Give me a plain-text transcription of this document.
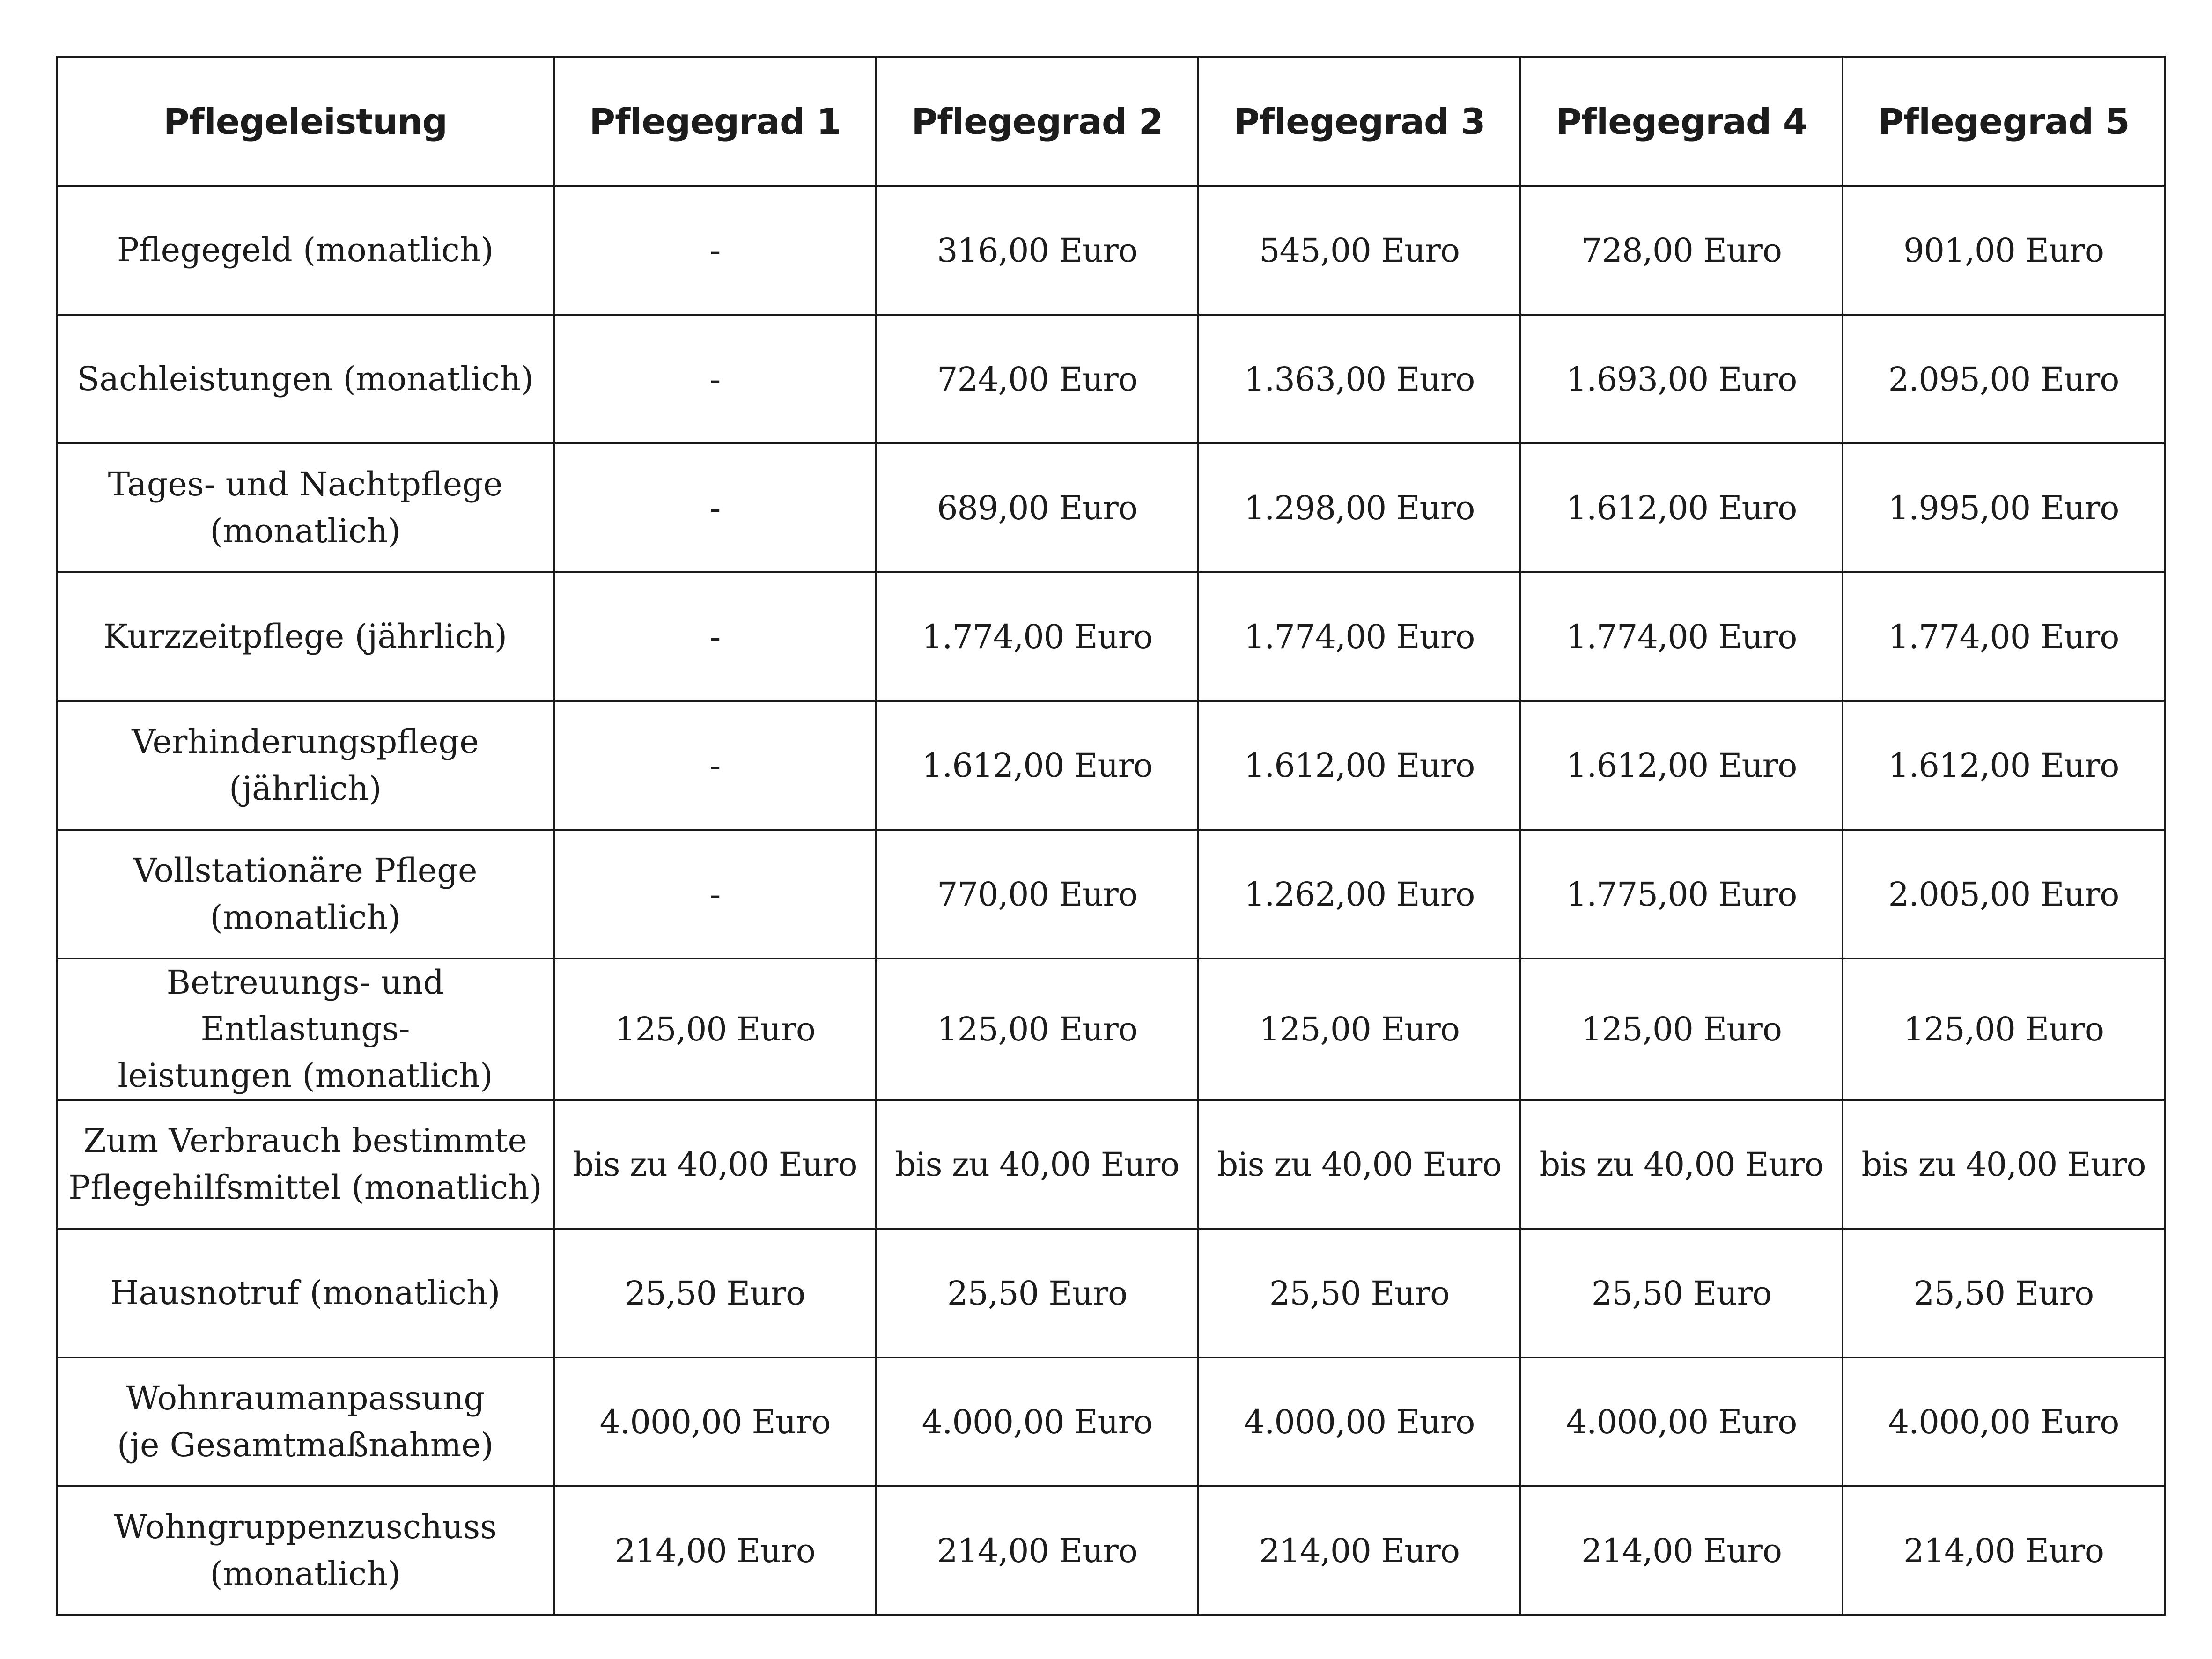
Pflegeleistung	Pflegegrad 1	Pflegegrad 2	Pflegegrad 3	Pflegegrad 4	Pflegegrad 5
Pflegegeld (monatlich)	-	316,00 Euro	545,00 Euro	728,00 Euro	901,00 Euro
Sachleistungen (monatlich)	-	724,00 Euro	1.363,00 Euro	1.693,00 Euro	2.095,00 Euro
Tages- und Nachtpflege
(monatlich)	-	689,00 Euro	1.298,00 Euro	1.612,00 Euro	1.995,00 Euro
Kurzzeitpflege (jährlich)	-	1.774,00 Euro	1.774,00 Euro	1.774,00 Euro	1.774,00 Euro
Verhinderungspflege
(jährlich)	-	1.612,00 Euro	1.612,00 Euro	1.612,00 Euro	1.612,00 Euro
Vollstationäre Pflege
(monatlich)	-	770,00 Euro	1.262,00 Euro	1.775,00 Euro	2.005,00 Euro
Betreuungs- und Entlastungs-
leistungen (monatlich)	125,00 Euro	125,00 Euro	125,00 Euro	125,00 Euro	125,00 Euro
Zum Verbrauch bestimmte
Pflegehilfsmittel (monatlich)	bis zu 40,00 Euro	bis zu 40,00 Euro	bis zu 40,00 Euro	bis zu 40,00 Euro	bis zu 40,00 Euro
Hausnotruf (monatlich)	25,50 Euro	25,50 Euro	25,50 Euro	25,50 Euro	25,50 Euro
Wohnraumanpassung
(je Gesamtmaßnahme)	4.000,00 Euro	4.000,00 Euro	4.000,00 Euro	4.000,00 Euro	4.000,00 Euro
Wohngruppenzuschuss
(monatlich)	214,00 Euro	214,00 Euro	214,00 Euro	214,00 Euro	214,00 Euro
